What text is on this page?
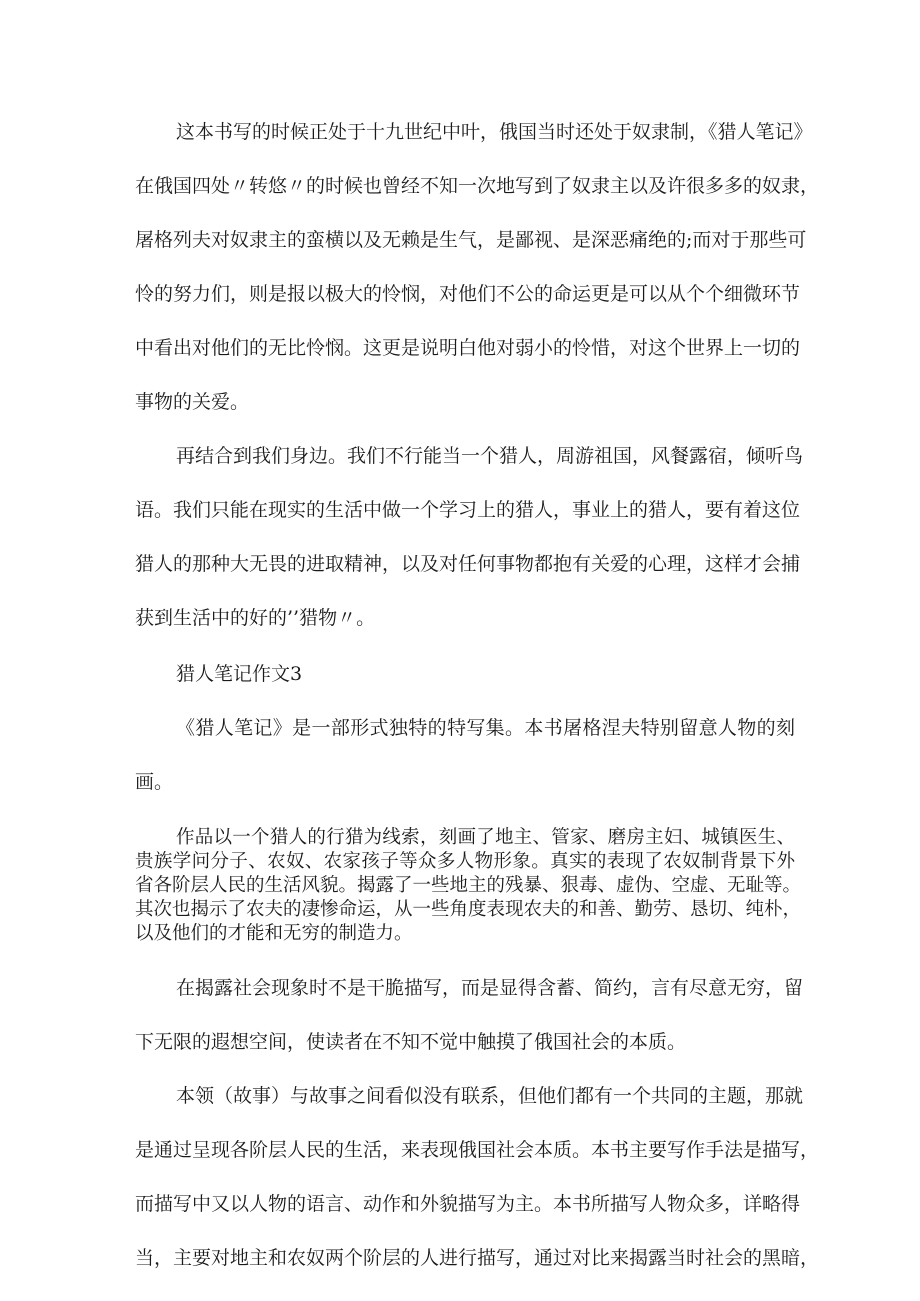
这本书写的时候正处于十九世纪中叶，俄国当时还处于奴隶制，《猎人笔记》
在俄国四处〃转悠〃的时候也曾经不知一次地写到了奴隶主以及许很多多的奴隶，
屠格列夫对奴隶主的蛮横以及无赖是生气，是鄙视、是深恶痛绝的;而对于那些可
怜的努力们，则是报以极大的怜悯，对他们不公的命运更是可以从个个细微环节
中看出对他们的无比怜悯。这更是说明白他对弱小的怜惜，对这个世界上一切的
事物的关爱。
再结合到我们身边。我们不行能当一个猎人，周游祖国，风餐露宿，倾听鸟
语。我们只能在现实的生活中做一个学习上的猎人，事业上的猎人，要有着这位
猎人的那种大无畏的进取精神，以及对任何事物都抱有关爱的心理，这样才会捕
获到生活中的好的’’猎物〃。
猎人笔记作文3
《猎人笔记》是一部形式独特的特写集。本书屠格涅夫特别留意人物的刻
画。
作品以一个猎人的行猎为线索，刻画了地主、管家、磨房主妇、城镇医生、
贵族学问分子、农奴、农家孩子等众多人物形象。真实的表现了农奴制背景下外
省各阶层人民的生活风貌。揭露了一些地主的残暴、狠毒、虚伪、空虚、无耻等。
其次也揭示了农夫的凄惨命运，从一些角度表现农夫的和善、勤劳、恳切、纯朴，
以及他们的才能和无穷的制造力。
在揭露社会现象时不是干脆描写，而是显得含蓄、简约，言有尽意无穷，留
下无限的遐想空间，使读者在不知不觉中触摸了俄国社会的本质。
本领（故事）与故事之间看似没有联系，但他们都有一个共同的主题，那就
是通过呈现各阶层人民的生活，来表现俄国社会本质。本书主要写作手法是描写，
而描写中又以人物的语言、动作和外貌描写为主。本书所描写人物众多，详略得
当，主要对地主和农奴两个阶层的人进行描写，通过对比来揭露当时社会的黑暗，
